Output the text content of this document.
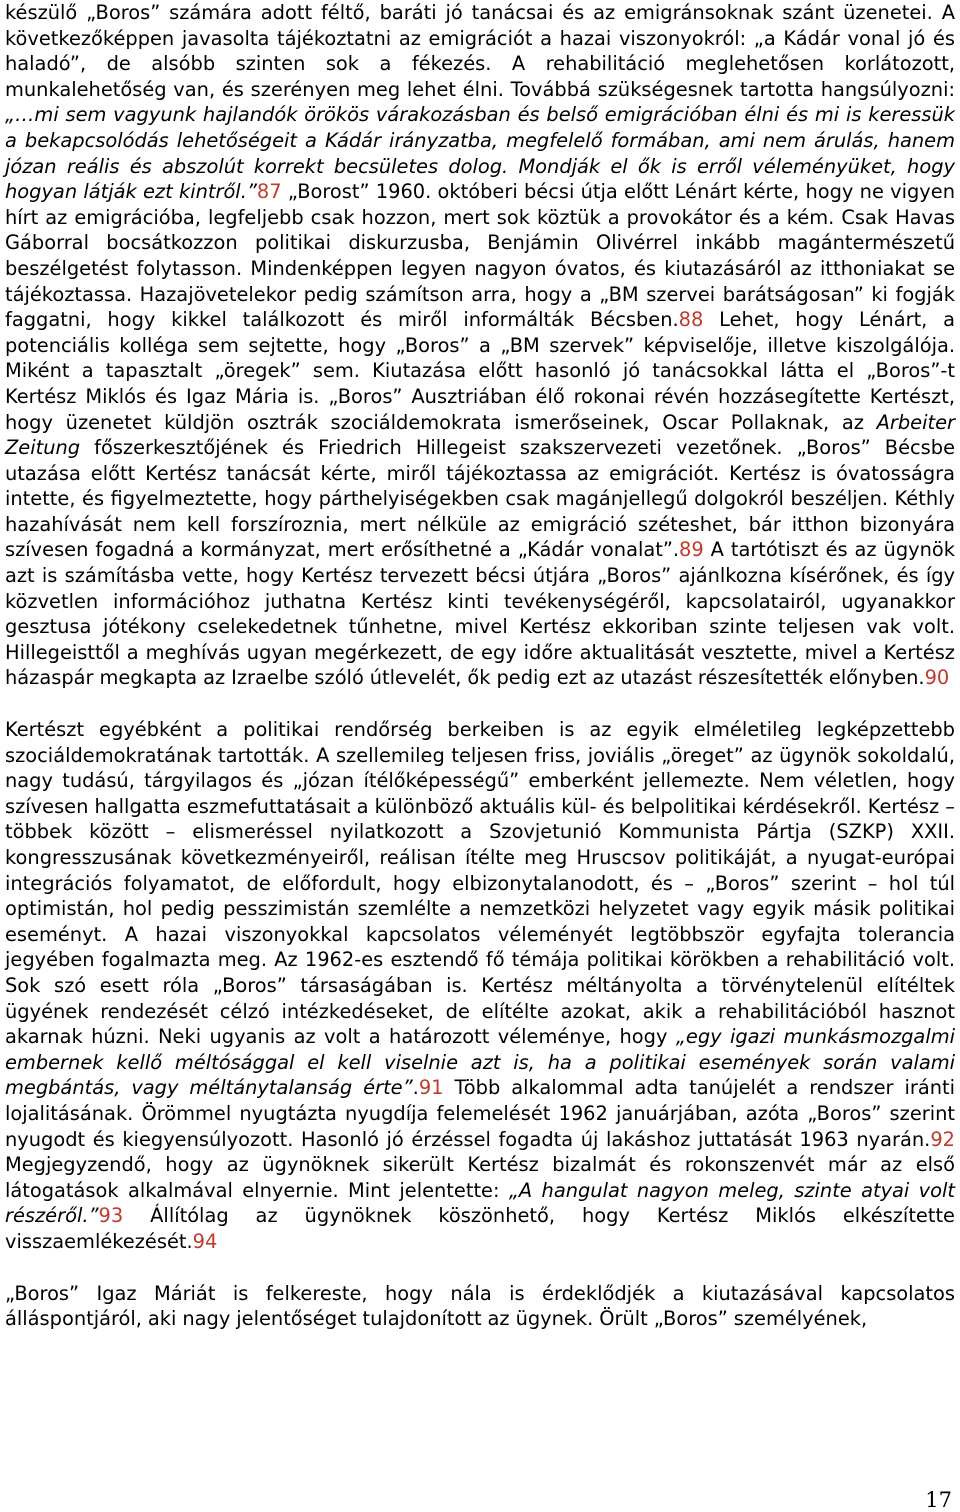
készülő „Boros” számára adott féltő, baráti jó tanácsai és az emigránsoknak szánt üzenetei. A következőképpen javasolta tájékoztatni az emigrációt a hazai viszonyokról: „a Kádár vonal jó és haladó”, de alsóbb szinten sok a fékezés. A rehabilitáció meglehetősen korlátozott, munkalehetőség van, és szerényen meg lehet élni. Továbbá szükségesnek tartotta hangsúlyozni: „…mi sem vagyunk hajlandók örökös várakozásban és belső emigrációban élni és mi is keressük a bekapcsolódás lehetőségeit a Kádár irányzatba, megfelelő formában, ami nem árulás, hanem józan reális és abszolút korrekt becsületes dolog. Mondják el ők is erről véleményüket, hogy hogyan látják ezt kintről.”87 „Borost” 1960. októberi bécsi útja előtt Lénárt kérte, hogy ne vigyen hírt az emigrációba, legfeljebb csak hozzon, mert sok köztük a provokátor és a kém. Csak Havas Gáborral bocsátkozzon politikai diskurzusba, Benjámin Olivérrel inkább magántermészetű beszélgetést folytasson. Mindenképpen legyen nagyon óvatos, és kiutazásáról az itthoniakat se tájékoztassa. Hazajövetelekor pedig számítson arra, hogy a „BM szervei barátságosan” ki fogják faggatni, hogy kikkel találkozott és miről informálták Bécsben.88 Lehet, hogy Lénárt, a potenciális kollégа sem sejtette, hogy „Boros” a „BM szervek” képviselője, illetve kiszolgálója. Miként a tapasztalt „öregek” sem. Kiutazása előtt hasonló jó tanácsokkal látta el „Boros”-t Kertész Miklós és Igaz Mária is. „Boros” Ausztriában élő rokonai révén hozzásegítette Kertészt, hogy üzenetet küldjön osztrák szociáldemokrata ismerőseinek, Oscar Pollaknak, az Arbeiter Zeitung főszerkesztőjének és Friedrich Hillegeist szakszervezeti vezetőnek. „Boros” Bécsbe utazása előtt Kertész tanácsát kérte, miről tájékoztassa az emigrációt. Kertész is óvatosságra intette, és figyelmeztette, hogy párthelyiségekben csak magánjellegű dolgokról beszéljen. Kéthly hazahívását nem kell forszírozniа, mert nélküle az emigráció széteshet, bár itthon bizonyára szívesen fogadná a kormányzat, mert erősíthetné a „Kádár vonalat”.89 A tartótiszt és az ügynök azt is számításba vette, hogy Kertész tervezett bécsi útjára „Boros” ajánlkozna kísérőnek, és így közvetlen információhoz juthatna Kertész kinti tevékenységéről, kapcsolatairól, ugyanakkor gesztusa jótékony cselekedetnek tűnhetne, mivel Kertész ekkoriban szinte teljesen vak volt. Hillegeisttől a meghívás ugyan megérkezett, de egy időre aktualitását vesztette, mivel a Kertész házaspár megkapta az Izraelbe szóló útlevelét, ők pedig ezt az utazást részesítették előnyben.90

Kertészt egyébként a politikai rendőrség berkeiben is az egyik elméletileg legképzettebb szociáldemokratának tartották. A szellemileg teljesen friss, joviális „öreget” az ügynök sokoldalú, nagy tudású, tárgyilagos és „józan ítélőképességű” emberként jellemezte. Nem véletlen, hogy szívesen hallgatta eszmefuttatásait a különböző aktuális kül- és belpolitikai kérdésekről. Kertész – többek között – elismeréssel nyilatkozott a Szovjetunió Kommunista Pártja (SZKP) XXII. kongresszusának következményeiről, reálisan ítélte meg Hruscsov politikáját, a nyugat-európai integrációs folyamatot, de előfordult, hogy elbizonytalanodott, és – „Boros” szerint – hol túl optimistán, hol pedig pesszimistán szemlélte a nemzetközi helyzetet vagy egyik másik politikai eseményt. A hazai viszonyokkal kapcsolatos véleményét legtöbbször egyfajta tolerancia jegyében fogalmazta meg. Az 1962-es esztendő fő témája politikai körökben a rehabilitáció volt. Sok szó esett róla „Boros” társaságában is. Kertész méltányolta a törvénytelenül elítéltek ügyének rendezését célzó intézkedéseket, de elítélte azokat, akik a rehabilitációból hasznot akarnak húzni. Neki ugyanis az volt a határozott véleménye, hogy „egy igazi munkásmozgalmi embernek kellő méltósággal el kell viselnie azt is, ha a politikai események során valami megbántás, vagy méltánytalanság érte”.91 Több alkalommal adta tanújelét a rendszer iránti lojalitásának. Örömmel nyugtázta nyugdíja felemelését 1962 januárjában, azóta „Boros” szerint nyugodt és kiegyensúlyozott. Hasonló jó érzéssel fogadta új lakáshoz juttatását 1963 nyarán.92 Megjegyzendő, hogy az ügynöknek sikerült Kertész bizalmát és rokonszenvét már az első látogatások alkalmával elnyernie. Mint jelentette: „A hangulat nagyon meleg, szinte atyai volt részéről.”93 Állítólag az ügynöknek köszönhető, hogy Kertész Miklós elkészítette visszaemlékezését.94

„Boros” Igaz Máriát is felkereste, hogy nála is érdeklődjék a kiutazásával kapcsolatos álláspontjáról, aki nagy jelentőséget tulajdonított az ügynek. Örült „Boros” személyének,

17
